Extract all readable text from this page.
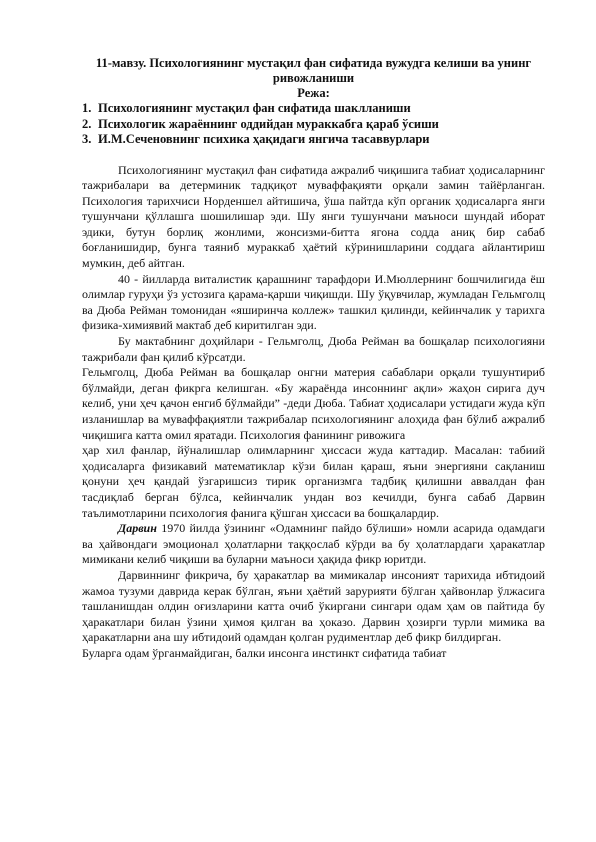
11-мавзу. Психологиянинг мустақил фан сифатида вужудга келиши ва унинг ривожланиши
Режа:
1. Психологиянинг мустақил фан сифатида шаклланиши
2. Психологик жараённинг оддийдан мураккабга қараб ўсиши
3. И.М.Сеченовнинг психика ҳақидаги янгича тасаввурлари

Психологиянинг мустақил фан сифатида ажралиб чиқишига табиат ҳодисаларнинг тажрибалари ва детерминик тадқиқот муваффақияти орқали замин тайёрланган. Психология тарихчиси Норденшел айтишича, ўша пайтда кўп органик ҳодисаларга янги тушунчани қўллашга шошилишар эди. Шу янги тушунчани маъноси шундай иборат эдики, бутун борлиқ жонлими, жонсизми-битта ягона содда аниқ бир сабаб боғланишидир, бунга таяниб мураккаб ҳаётий кўринишларини соддага айлантириш мумкин, деб айтган.

40 - йилларда виталистик қарашнинг тарафдори И.Мюллернинг бошчилигида ёш олимлар гуруҳи ўз устозига қарама-қарши чиқишди. Шу ўқувчилар, жумладан Гельмголц ва Дюба Рейман томонидан «яширинча коллеж» ташкил қилинди, кейинчалик у тарихга физика-химиявий мактаб деб киритилган эди.

Бу мактабнинг доҳийлари - Гельмголц, Дюба Рейман ва бошқалар психологияни тажрибали фан қилиб кўрсатди.

Гельмголц, Дюба Рейман ва бошқалар онгни материя сабаблари орқали тушунтириб бўлмайди, деган фикрга келишган. «Бу жараёнда инсоннинг ақли» жаҳон сирига дуч келиб, уни ҳеч қачон енгиб бўлмайди” -деди Дюба. Табиат ҳодисалари устидаги жуда кўп изланишлар ва муваффақиятли тажрибалар психологиянинг алоҳида фан бўлиб ажралиб чиқишига катта омил яратади. Психология фанининг ривожига

ҳар хил фанлар, йўналишлар олимларнинг ҳиссаси жуда каттадир. Масалан: табиий ҳодисаларга физикавий математиклар кўзи билан қараш, яъни энергияни сақланиш қонуни ҳеч қандай ўзгаришсиз тирик организмга тадбиқ қилишни аввалдан фан тасдиқлаб берган бўлса, кейинчалик ундан воз кечилди, бунга сабаб Дарвин таълимотларини психология фанига қўшган ҳиссаси ва бошқалардир.

Дарвин 1970 йилда ўзининг «Одамнинг пайдо бўлиши» номли асарида одамдаги ва ҳайвондаги эмоционал ҳолатларни таққослаб кўрди ва бу ҳолатлардаги ҳаракатлар мимикани келиб чиқиши ва буларни маъноси ҳақида фикр юритди.

Дарвиннинг фикрича, бу ҳаракатлар ва мимикалар инсоният тарихида ибтидоий жамоа тузуми даврида керак бўлган, яъни ҳаётий зарурияти бўлган ҳайвонлар ўлжасига ташланишдан олдин оғизларини катта очиб ўкиргани сингари одам ҳам ов пайтида бу ҳаракатлари билан ўзини ҳимоя қилган ва ҳоказо. Дарвин ҳозирги турли мимика ва ҳаракатларни ана шу ибтидоий одамдан қолган рудиментлар деб фикр билдирган.

Буларга одам ўрганмайдиган, балки инсонга инстинкт сифатида табиат
